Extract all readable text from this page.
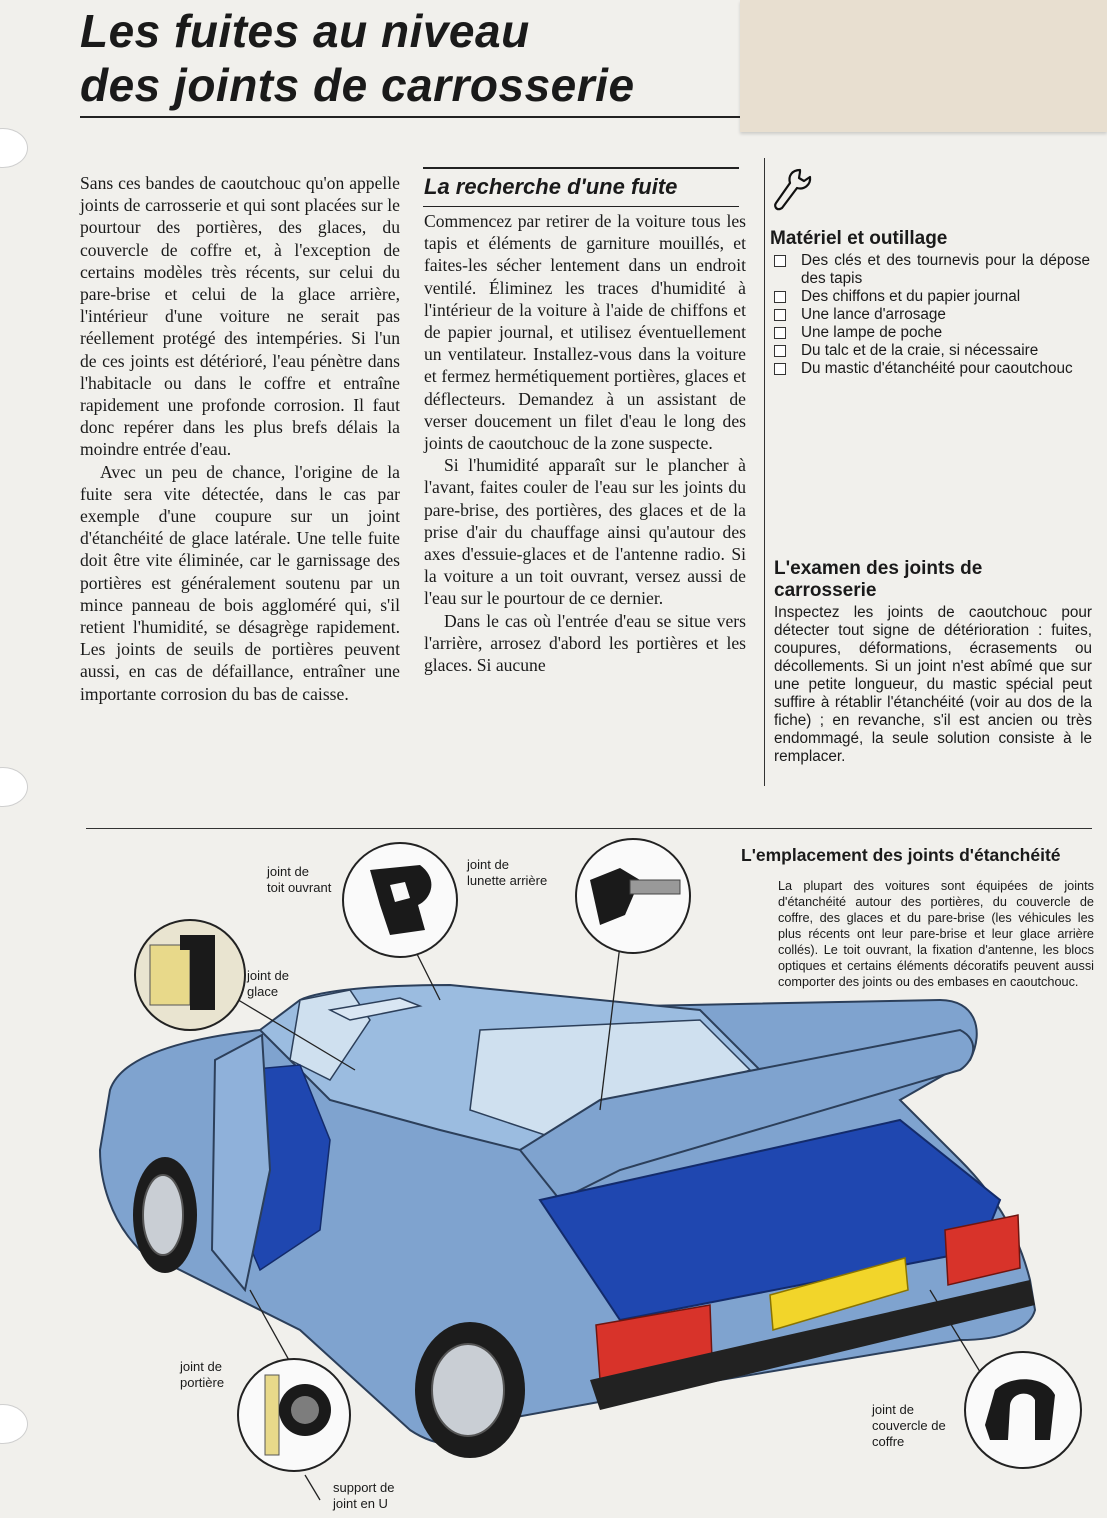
Les fuites au niveau
des joints de carrosserie

Sans ces bandes de caoutchouc qu'on appelle joints de carrosserie et qui sont placées sur le pourtour des portières, des glaces, du couvercle de coffre et, à l'exception de certains modèles très récents, sur celui du pare-brise et celui de la glace arrière, l'intérieur d'une voiture ne serait pas réellement protégé des intempéries. Si l'un de ces joints est détérioré, l'eau pénètre dans l'habitacle ou dans le coffre et entraîne rapidement une profonde corrosion. Il faut donc repérer dans les plus brefs délais la moindre entrée d'eau.

Avec un peu de chance, l'origine de la fuite sera vite détectée, dans le cas par exemple d'une coupure sur un joint d'étanchéité de glace latérale. Une telle fuite doit être vite éliminée, car le garnissage des portières est généralement soutenu par un mince panneau de bois aggloméré qui, s'il retient l'humidité, se désagrège rapidement. Les joints de seuils de portières peuvent aussi, en cas de défaillance, entraîner une importante corrosion du bas de caisse.

La recherche d'une fuite

Commencez par retirer de la voiture tous les tapis et éléments de garniture mouillés, et faites-les sécher lentement dans un endroit ventilé. Éliminez les traces d'humidité à l'intérieur de la voiture à l'aide de chiffons et de papier journal, et utilisez éventuellement un ventilateur. Installez-vous dans la voiture et fermez hermétiquement portières, glaces et déflecteurs. Demandez à un assistant de verser doucement un filet d'eau le long des joints de caoutchouc de la zone suspecte.

Si l'humidité apparaît sur le plancher à l'avant, faites couler de l'eau sur les joints du pare-brise, des portières, des glaces et de la prise d'air du chauffage ainsi qu'autour des axes d'essuie-glaces et de l'antenne radio. Si la voiture a un toit ouvrant, versez aussi de l'eau sur le pourtour de ce dernier.

Dans le cas où l'entrée d'eau se situe vers l'arrière, arrosez d'abord les portières et les glaces. Si aucune

Matériel et outillage
Des clés et des tournevis pour la dépose des tapis
Des chiffons et du papier journal
Une lance d'arrosage
Une lampe de poche
Du talc et de la craie, si nécessaire
Du mastic d'étanchéité pour caoutchouc
L'examen des joints de carrosserie

Inspectez les joints de caoutchouc pour détecter tout signe de détérioration : fuites, coupures, déformations, écrasements ou décollements. Si un joint n'est abîmé que sur une petite longueur, du mastic spécial peut suffire à rétablir l'étanchéité (voir au dos de la fiche) ; en revanche, s'il est ancien ou très endommagé, la seule solution consiste à le remplacer.

joint de
toit ouvrant
joint de
lunette arrière
joint de
glace
joint de
portière
support de
joint en U
joint de
couvercle de
coffre
L'emplacement des joints d'étanchéité

La plupart des voitures sont équipées de joints d'étanchéité autour des portières, du couvercle de coffre, des glaces et du pare-brise (les véhicules les plus récents ont leur pare-brise et leur glace arrière collés). Le toit ouvrant, la fixation d'antenne, les blocs optiques et certains éléments décoratifs peuvent aussi comporter des joints ou des embases en caoutchouc.
